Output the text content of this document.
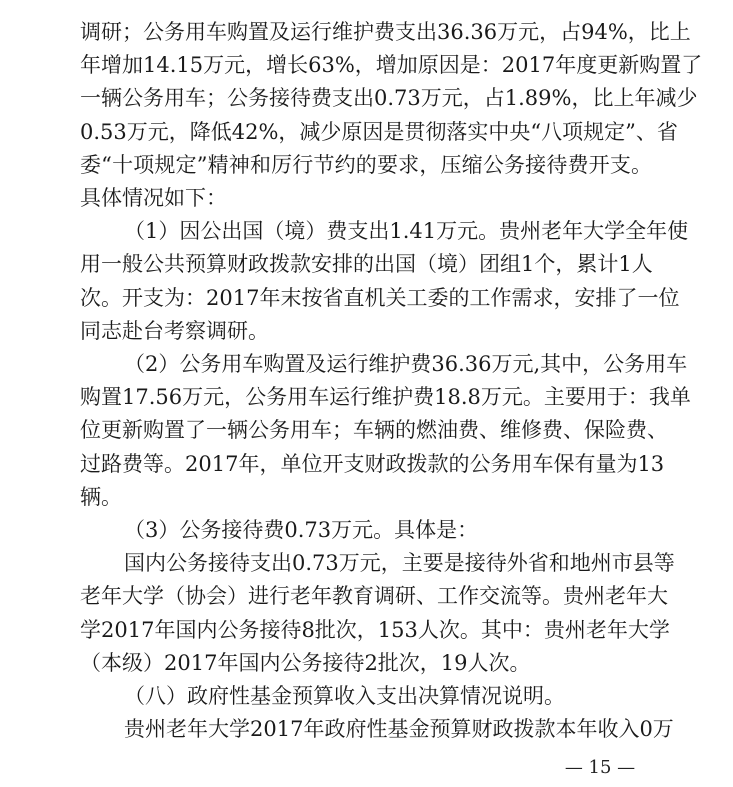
调研；公务用车购置及运行维护费支出36.36万元，占94%，比上
年增加14.15万元，增长63%，增加原因是：2017年度更新购置了
一辆公务用车；公务接待费支出0.73万元，占1.89%，比上年减少
0.53万元，降低42%，减少原因是贯彻落实中央“八项规定”、省
委“十项规定”精神和厉行节约的要求，压缩公务接待费开支。
具体情况如下：
（1）因公出国（境）费支出1.41万元。贵州老年大学全年使
用一般公共预算财政拨款安排的出国（境）团组1个，累计1人
次。开支为：2017年末按省直机关工委的工作需求，安排了一位
同志赴台考察调研。
（2）公务用车购置及运行维护费36.36万元,其中，公务用车
购置17.56万元，公务用车运行维护费18.8万元。主要用于：我单
位更新购置了一辆公务用车；车辆的燃油费、维修费、保险费、
过路费等。2017年，单位开支财政拨款的公务用车保有量为13
辆。
（3）公务接待费0.73万元。具体是：
国内公务接待支出0.73万元，主要是接待外省和地州市县等
老年大学（协会）进行老年教育调研、工作交流等。贵州老年大
学2017年国内公务接待8批次，153人次。其中：贵州老年大学
（本级）2017年国内公务接待2批次，19人次。
（八）政府性基金预算收入支出决算情况说明。
贵州老年大学2017年政府性基金预算财政拨款本年收入0万
— 15 —
